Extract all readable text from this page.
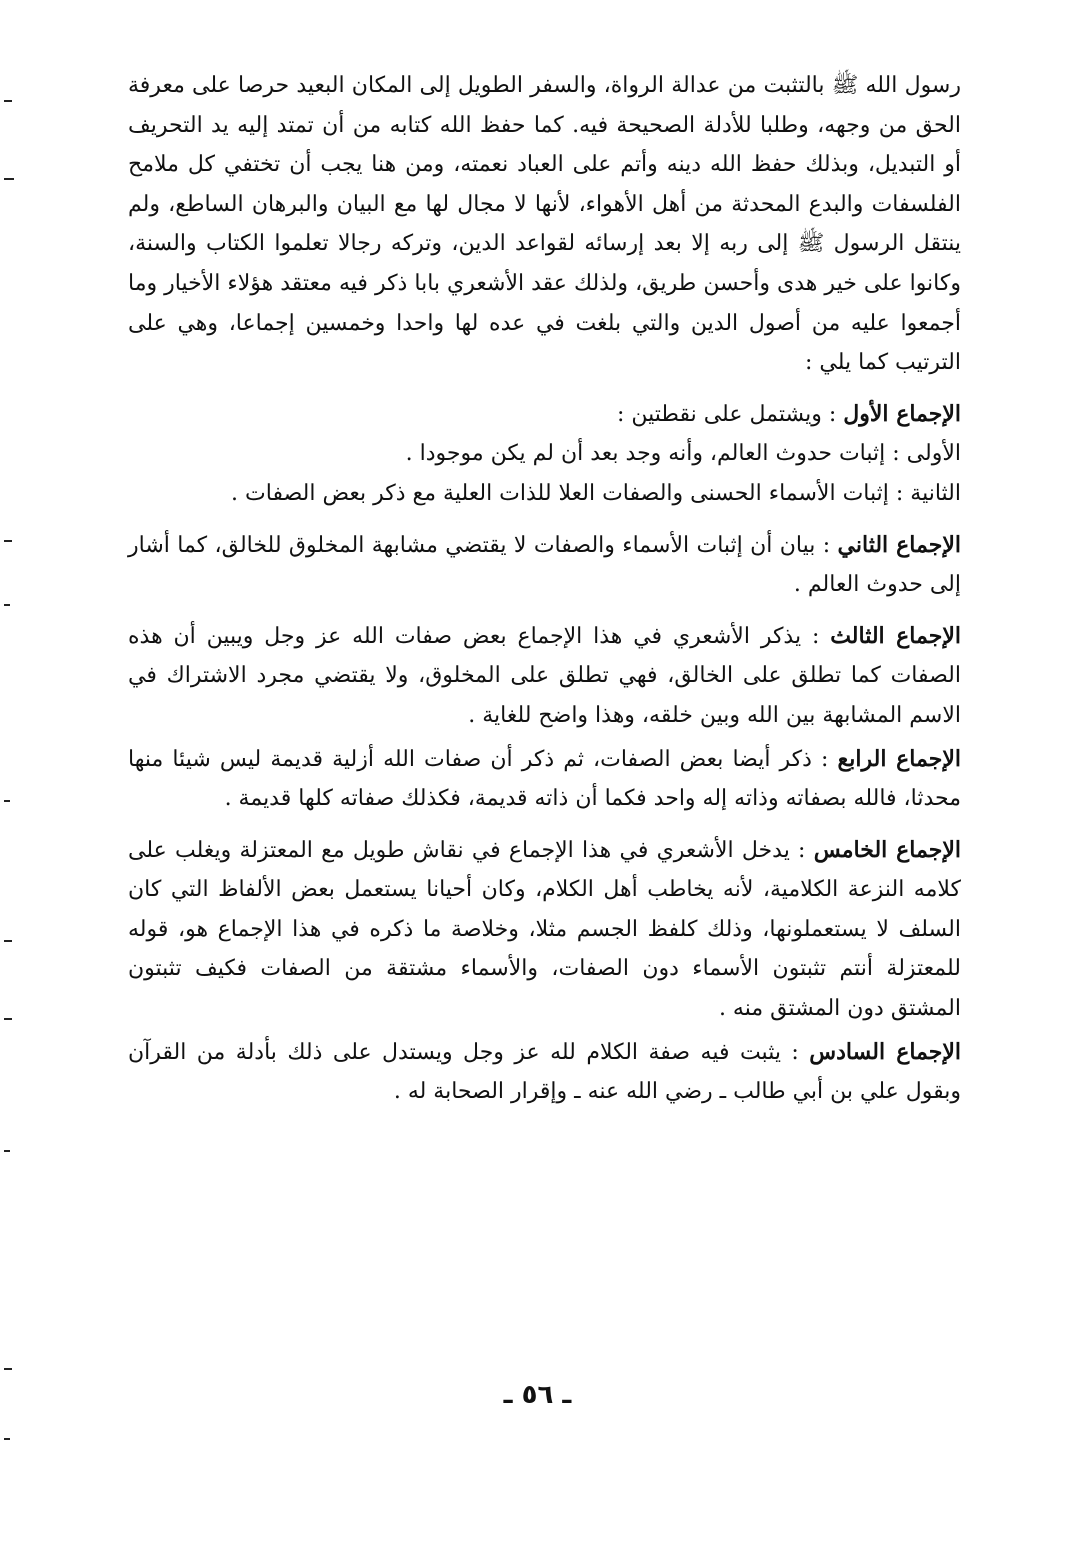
رسول الله ﷺ بالتثبت من عدالة الرواة، والسفر الطويل إلى المكان البعيد حرصا على معرفة الحق من وجهه، وطلبا للأدلة الصحيحة فيه. كما حفظ الله كتابه من أن تمتد إليه يد التحريف أو التبديل، وبذلك حفظ الله دينه وأتم على العباد نعمته، ومن هنا يجب أن تختفي كل ملامح الفلسفات والبدع المحدثة من أهل الأهواء، لأنها لا مجال لها مع البيان والبرهان الساطع، ولم ينتقل الرسول ﷺ إلى ربه إلا بعد إرسائه لقواعد الدين، وتركه رجالا تعلموا الكتاب والسنة، وكانوا على خير هدى وأحسن طريق، ولذلك عقد الأشعري بابا ذكر فيه معتقد هؤلاء الأخيار وما أجمعوا عليه من أصول الدين والتي بلغت في عده لها واحدا وخمسين إجماعا، وهي على الترتيب كما يلي :

الإجماع الأول : ويشتمل على نقطتين :

الأولى : إثبات حدوث العالم، وأنه وجد بعد أن لم يكن موجودا .

الثانية : إثبات الأسماء الحسنى والصفات العلا للذات العلية مع ذكر بعض الصفات .

الإجماع الثاني : بيان أن إثبات الأسماء والصفات لا يقتضي مشابهة المخلوق للخالق، كما أشار إلى حدوث العالم .

الإجماع الثالث : يذكر الأشعري في هذا الإجماع بعض صفات الله عز وجل ويبين أن هذه الصفات كما تطلق على الخالق، فهي تطلق على المخلوق، ولا يقتضي مجرد الاشتراك في الاسم المشابهة بين الله وبين خلقه، وهذا واضح للغاية .

الإجماع الرابع : ذكر أيضا بعض الصفات، ثم ذكر أن صفات الله أزلية قديمة ليس شيئا منها محدثا، فالله بصفاته وذاته إله واحد فكما أن ذاته قديمة، فكذلك صفاته كلها قديمة .

الإجماع الخامس : يدخل الأشعري في هذا الإجماع في نقاش طويل مع المعتزلة ويغلب على كلامه النزعة الكلامية، لأنه يخاطب أهل الكلام، وكان أحيانا يستعمل بعض الألفاظ التي كان السلف لا يستعملونها، وذلك كلفظ الجسم مثلا، وخلاصة ما ذكره في هذا الإجماع هو، قوله للمعتزلة أنتم تثبتون الأسماء دون الصفات، والأسماء مشتقة من الصفات فكيف تثبتون المشتق دون المشتق منه .

الإجماع السادس : يثبت فيه صفة الكلام لله عز وجل ويستدل على ذلك بأدلة من القرآن وبقول علي بن أبي طالب ـ رضي الله عنه ـ وإقرار الصحابة له .

ـ ٥٦ ـ
